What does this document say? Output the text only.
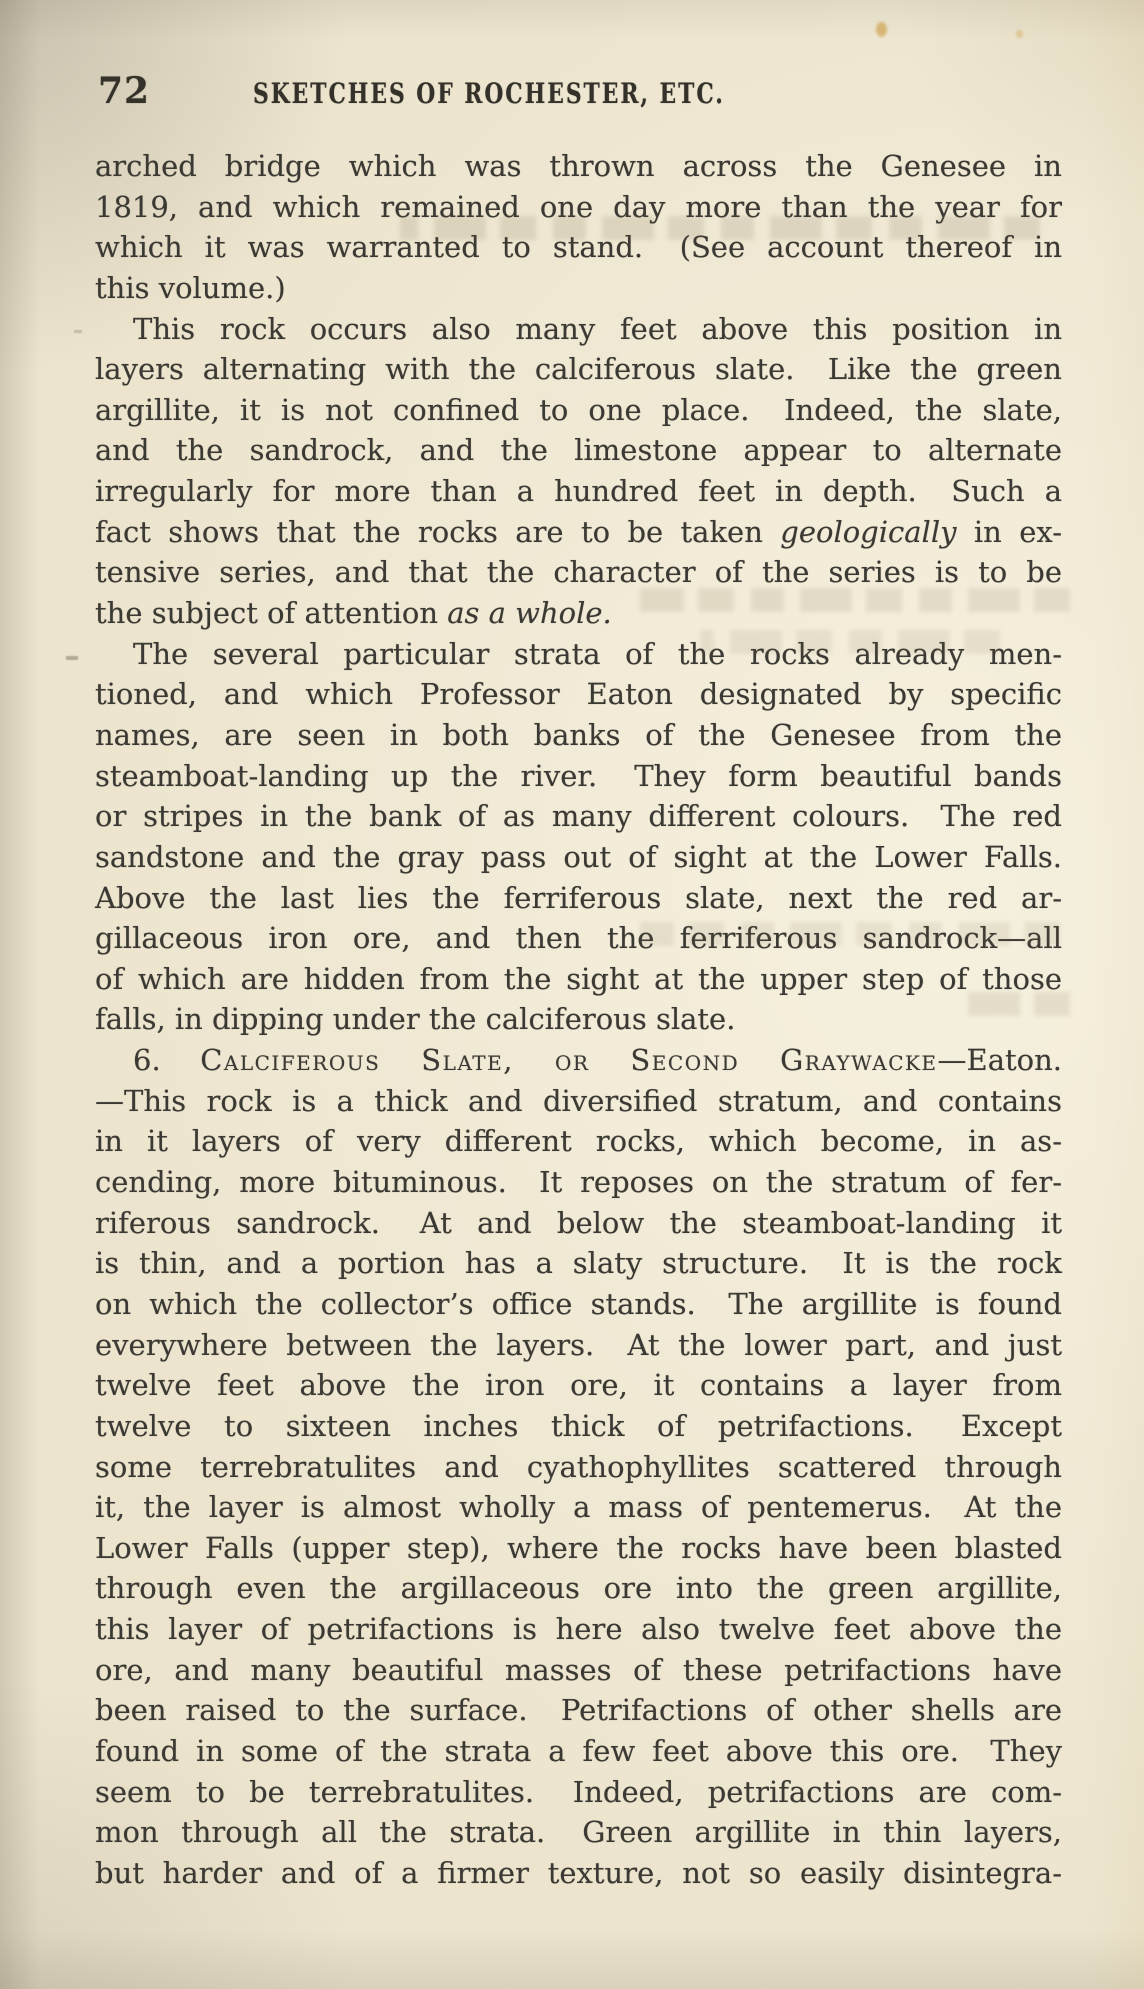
72	SKETCHES OF ROCHESTER, ETC.
arched bridge which was thrown across the Genesee in
1819, and which remained one day more than the year for
which it was warranted to stand.  (See account thereof in
this volume.)
This rock occurs also many feet above this position in
layers alternating with the calciferous slate.  Like the green
argillite, it is not confined to one place.  Indeed, the slate,
and the sandrock, and the limestone appear to alternate
irregularly for more than a hundred feet in depth.  Such a
fact shows that the rocks are to be taken geologically in ex-
tensive series, and that the character of the series is to be
the subject of attention as a whole.
The several particular strata of the rocks already men-
tioned, and which Professor Eaton designated by specific
names, are seen in both banks of the Genesee from the
steamboat-landing up the river.  They form beautiful bands
or stripes in the bank of as many different colours.  The red
sandstone and the gray pass out of sight at the Lower Falls.
Above the last lies the ferriferous slate, next the red ar-
gillaceous iron ore, and then the ferriferous sandrock—all
of which are hidden from the sight at the upper step of those
falls, in dipping under the calciferous slate.
6. Calciferous Slate, or Second Graywacke—Eaton.
—This rock is a thick and diversified stratum, and contains
in it layers of very different rocks, which become, in as-
cending, more bituminous.  It reposes on the stratum of fer-
riferous sandrock.  At and below the steamboat-landing it
is thin, and a portion has a slaty structure.  It is the rock
on which the collector’s office stands.  The argillite is found
everywhere between the layers.  At the lower part, and just
twelve feet above the iron ore, it contains a layer from
twelve to sixteen inches thick of petrifactions.  Except
some terrebratulites and cyathophyllites scattered through
it, the layer is almost wholly a mass of pentemerus.  At the
Lower Falls (upper step), where the rocks have been blasted
through even the argillaceous ore into the green argillite,
this layer of petrifactions is here also twelve feet above the
ore, and many beautiful masses of these petrifactions have
been raised to the surface.  Petrifactions of other shells are
found in some of the strata a few feet above this ore.  They
seem to be terrebratulites.  Indeed, petrifactions are com-
mon through all the strata.  Green argillite in thin layers,
but harder and of a firmer texture, not so easily disintegra-
